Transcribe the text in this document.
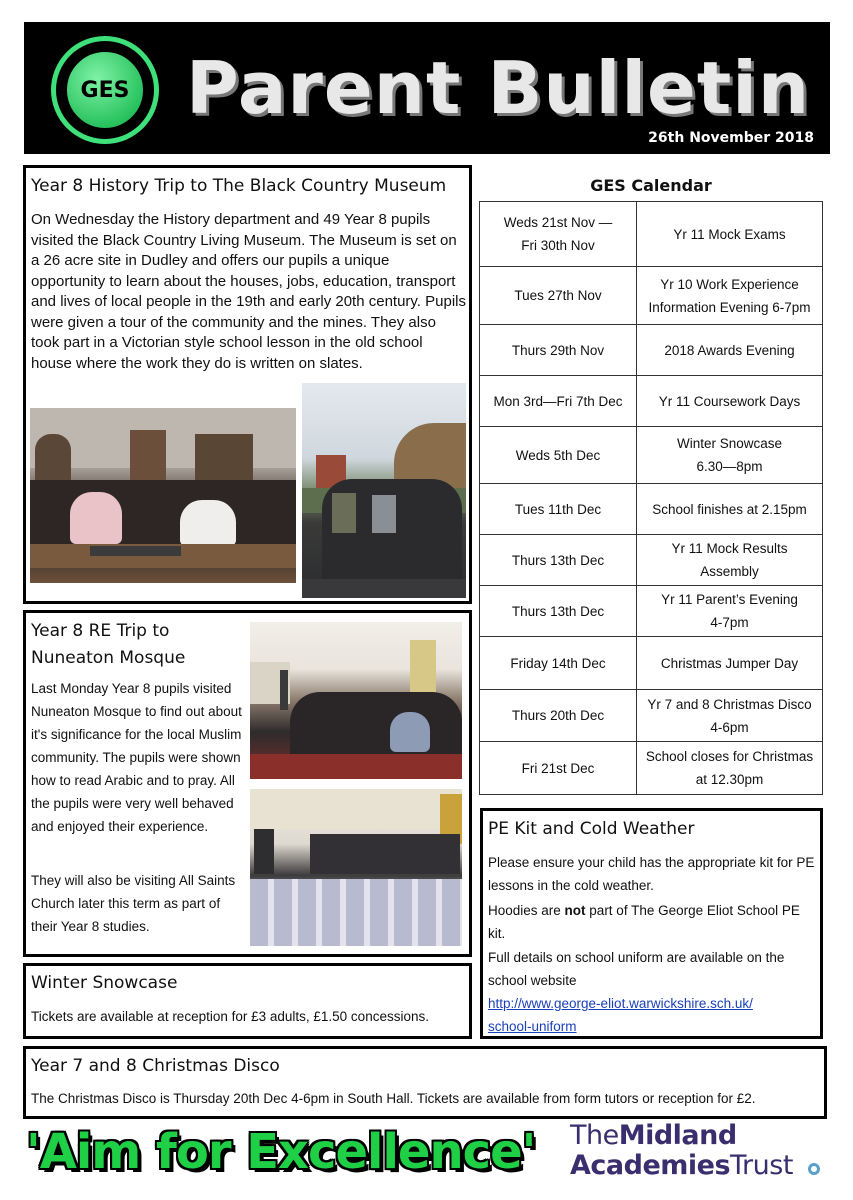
GES Parent Bulletin
26th November 2018
Year 8 History Trip to The Black Country Museum
On Wednesday the History department and 49 Year 8 pupils visited the Black Country Living Museum. The Museum is set on a 26 acre site in Dudley and offers our pupils a unique opportunity to learn about the houses, jobs, education, transport and lives of local people in the 19th and early 20th century. Pupils were given a tour of the community and the mines. They also took part in a Victorian style school lesson in the old school house where the work they do is written on slates.
Year 8 RE Trip to
Nuneaton Mosque
Last Monday Year 8 pupils visited Nuneaton Mosque to find out about it's significance for the local Muslim community. The pupils were shown how to read Arabic and to pray. All the pupils were very well behaved and enjoyed their experience.
They will also be visiting All Saints Church later this term as part of their Year 8 studies.
Winter Snowcase
Tickets are available at reception for £3 adults, £1.50 concessions.
GES Calendar
Weds 21st Nov —
Fri 30th Nov	Yr 11 Mock Exams

Tues 27th Nov	Yr 10 Work Experience
Information Evening 6-7pm

Thurs 29th Nov	2018 Awards Evening

Mon 3rd—Fri 7th Dec	Yr 11 Coursework Days

Weds 5th Dec	Winter Snowcase
6.30—8pm

Tues 11th Dec	School finishes at 2.15pm

Thurs 13th Dec	Yr 11 Mock Results
Assembly

Thurs 13th Dec	Yr 11 Parent’s Evening
4-7pm

Friday 14th Dec	Christmas Jumper Day

Thurs 20th Dec	Yr 7 and 8 Christmas Disco
4-6pm

Fri 21st Dec	School closes for Christmas
at 12.30pm
PE Kit and Cold Weather
Please ensure your child has the appropriate kit for PE lessons in the cold weather.
Hoodies are not part of The George Eliot School PE kit.
Full details on school uniform are available on the school website
http://www.george-eliot.warwickshire.sch.uk/
school-uniform
Year 7 and 8 Christmas Disco
The Christmas Disco is Thursday 20th Dec 4-6pm in South Hall. Tickets are available from form tutors or reception for £2.
'Aim for Excellence' TheMidland
AcademiesTrust
